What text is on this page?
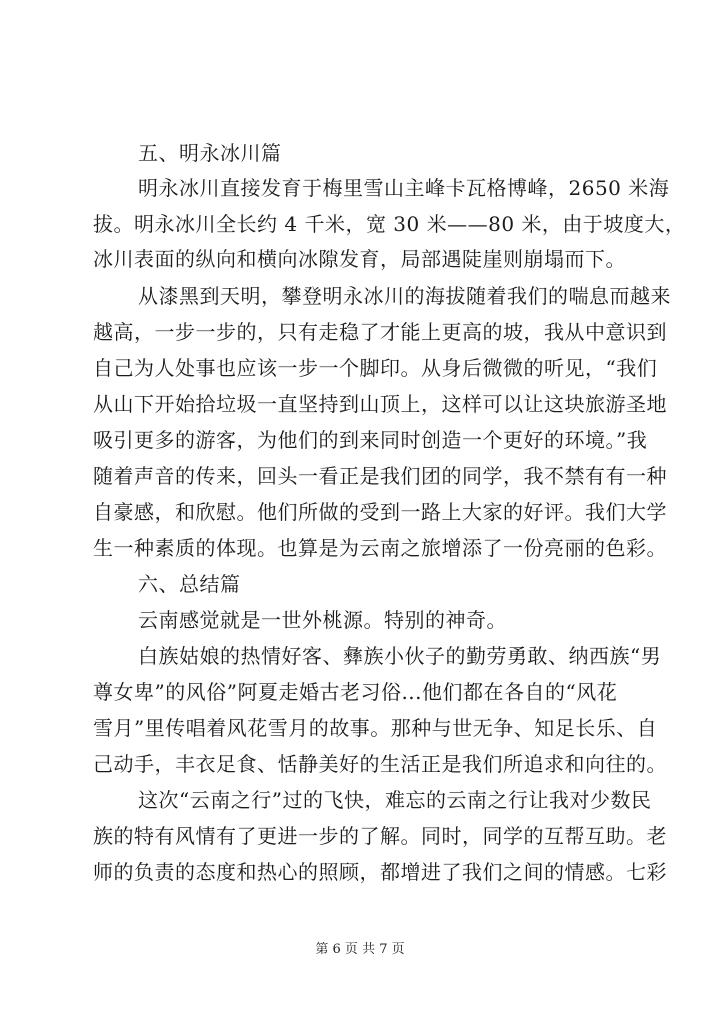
五、明永冰川篇
明永冰川直接发育于梅里雪山主峰卡瓦格博峰，2650 米海
拔。明永冰川全长约 4 千米，宽 30 米——80 米，由于坡度大，
冰川表面的纵向和横向冰隙发育，局部遇陡崖则崩塌而下。
从漆黑到天明，攀登明永冰川的海拔随着我们的喘息而越来
越高，一步一步的，只有走稳了才能上更高的坡，我从中意识到
自己为人处事也应该一步一个脚印。从身后微微的听见，“我们
从山下开始拾垃圾一直坚持到山顶上，这样可以让这块旅游圣地
吸引更多的游客，为他们的到来同时创造一个更好的环境。”我
随着声音的传来，回头一看正是我们团的同学，我不禁有有一种
自豪感，和欣慰。他们所做的受到一路上大家的好评。我们大学
生一种素质的体现。也算是为云南之旅增添了一份亮丽的色彩。
六、总结篇
云南感觉就是一世外桃源。特别的神奇。
白族姑娘的热情好客、彝族小伙子的勤劳勇敢、纳西族“男
尊女卑”的风俗”阿夏走婚古老习俗...他们都在各自的“风花
雪月”里传唱着风花雪月的故事。那种与世无争、知足长乐、自
己动手，丰衣足食、恬静美好的生活正是我们所追求和向往的。
这次“云南之行”过的飞快，难忘的云南之行让我对少数民
族的特有风情有了更进一步的了解。同时，同学的互帮互助。老
师的负责的态度和热心的照顾，都增进了我们之间的情感。七彩
第 6 页 共 7 页
